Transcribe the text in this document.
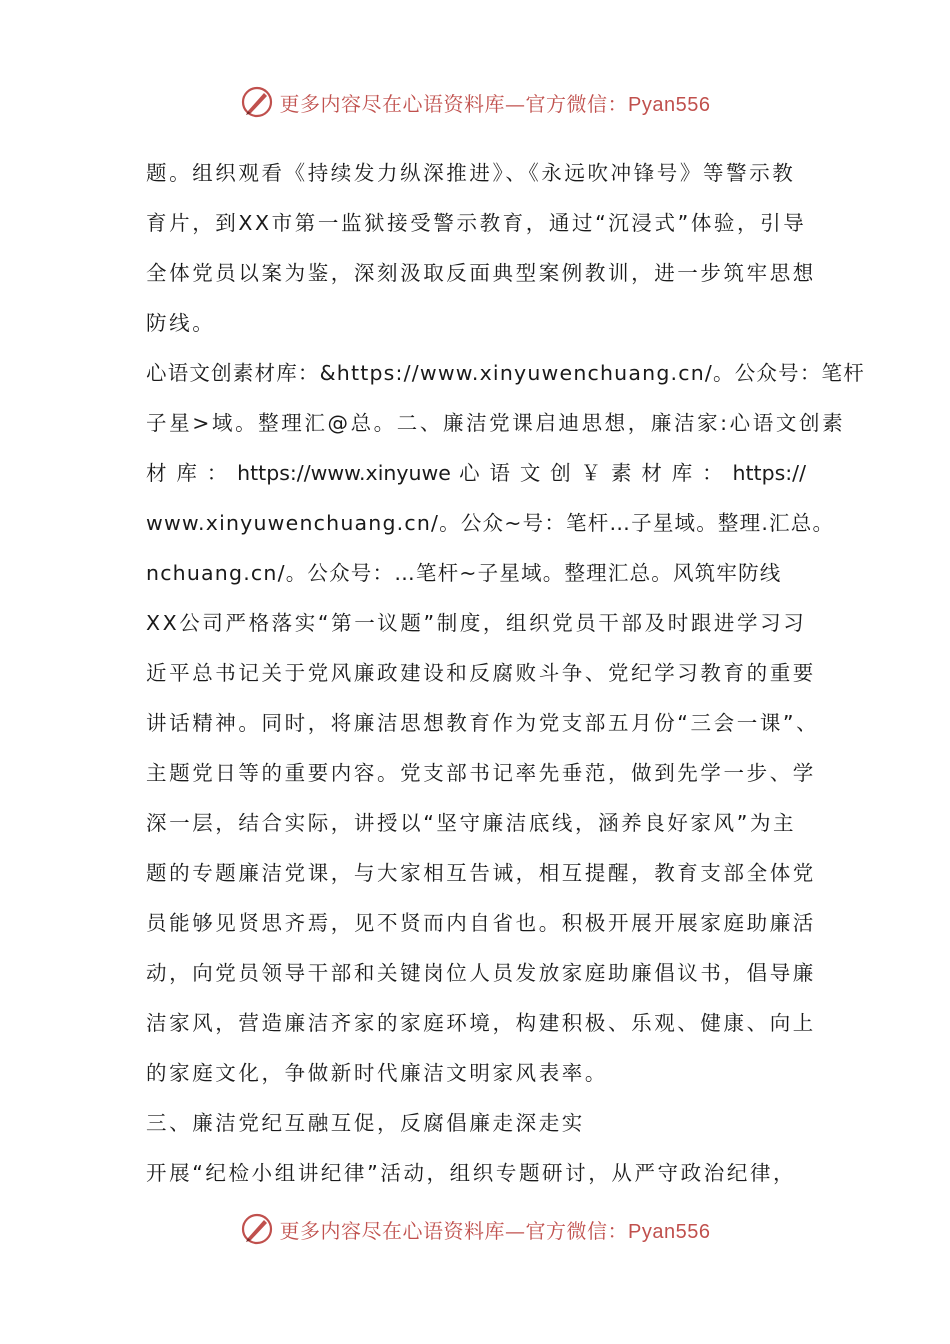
更多内容尽在心语资料库—官方微信：Pyan556
题。组织观看《持续发力纵深推进》、《永远吹冲锋号》等警示教
育片，到XX市第一监狱接受警示教育，通过“沉浸式”体验，引导
全体党员以案为鉴，深刻汲取反面典型案例教训，进一步筑牢思想
防线。
心语文创素材库：&https://www.xinyuwenchuang.cn/。公众号：笔杆
子星>域。整理汇@总。二、廉洁党课启迪思想，廉洁家:心语文创素
材 库 ： https://www.xinyuwe 心 语 文 创 ￥ 素 材 库 ： https://
www.xinyuwenchuang.cn/。公众~号：笔杆…子星域。整理.汇总。
nchuang.cn/。公众号：…笔杆~子星域。整理汇总。风筑牢防线
XX公司严格落实“第一议题”制度，组织党员干部及时跟进学习习
近平总书记关于党风廉政建设和反腐败斗争、党纪学习教育的重要
讲话精神。同时，将廉洁思想教育作为党支部五月份“三会一课”、
主题党日等的重要内容。党支部书记率先垂范，做到先学一步、学
深一层，结合实际，讲授以“坚守廉洁底线，涵养良好家风”为主
题的专题廉洁党课，与大家相互告诫，相互提醒，教育支部全体党
员能够见贤思齐焉，见不贤而内自省也。积极开展开展家庭助廉活
动，向党员领导干部和关键岗位人员发放家庭助廉倡议书，倡导廉
洁家风，营造廉洁齐家的家庭环境，构建积极、乐观、健康、向上
的家庭文化，争做新时代廉洁文明家风表率。
三、廉洁党纪互融互促，反腐倡廉走深走实
开展“纪检小组讲纪律”活动，组织专题研讨，从严守政治纪律，
更多内容尽在心语资料库—官方微信：Pyan556
